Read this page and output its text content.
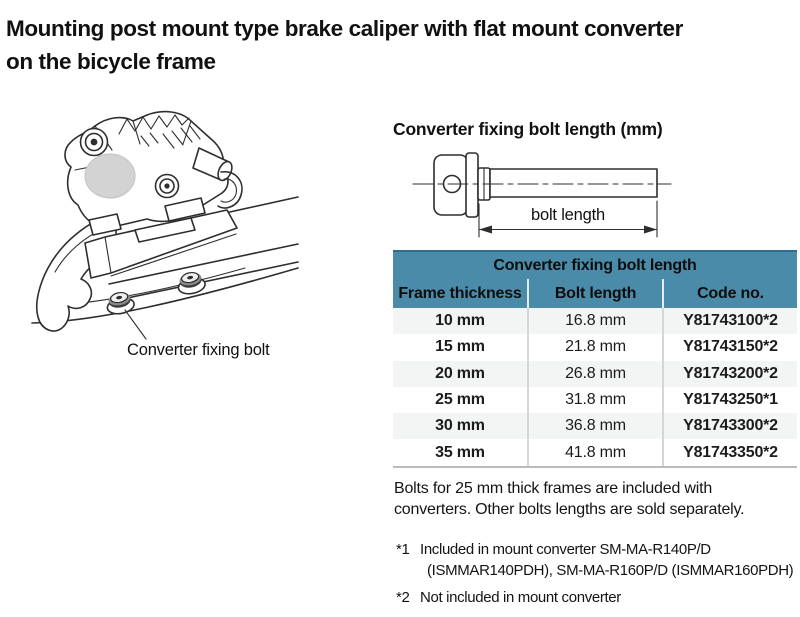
Mounting post mount type brake caliper with flat mount converter
on the bicycle frame
Converter fixing bolt
Converter fixing bolt length (mm)
bolt length
Converter fixing bolt length
Frame thickness	Bolt length	Code no.
10 mm	16.8 mm	Y81743100*2
15 mm	21.8 mm	Y81743150*2
20 mm	26.8 mm	Y81743200*2
25 mm	31.8 mm	Y81743250*1
30 mm	36.8 mm	Y81743300*2
35 mm	41.8 mm	Y81743350*2
Bolts for 25 mm thick frames are included with
converters. Other bolts lengths are sold separately.
*1 Included in mount converter SM-MA-R140P/D
(ISMMAR140PDH), SM-MA-R160P/D (ISMMAR160PDH)
*2 Not included in mount converter
